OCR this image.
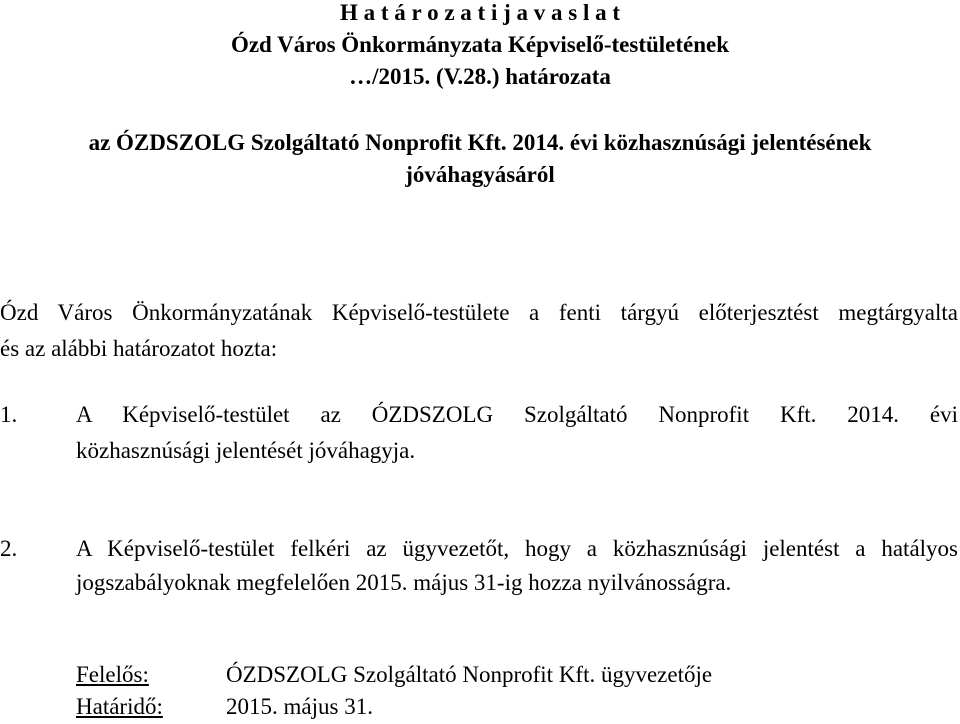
H a t á r o z a t i j a v a s l a t
Ózd Város Önkormányzata Képviselő-testületének
…/2015. (V.28.) határozata
az ÓZDSZOLG Szolgáltató Nonprofit Kft. 2014. évi közhasznúsági jelentésének
jóváhagyásáról
Ózd Város Önkormányzatának Képviselő-testülete a fenti tárgyú előterjesztést megtárgyalta
és az alábbi határozatot hozta:
1.	A Képviselő-testület az ÓZDSZOLG Szolgáltató Nonprofit Kft. 2014. évi
közhasznúsági jelentését jóváhagyja.
2.	A Képviselő-testület felkéri az ügyvezetőt, hogy a közhasznúsági jelentést a hatályos
jogszabályoknak megfelelően 2015. május 31-ig hozza nyilvánosságra.
Felelős:	ÓZDSZOLG Szolgáltató Nonprofit Kft. ügyvezetője
Határidő:	2015. május 31.
